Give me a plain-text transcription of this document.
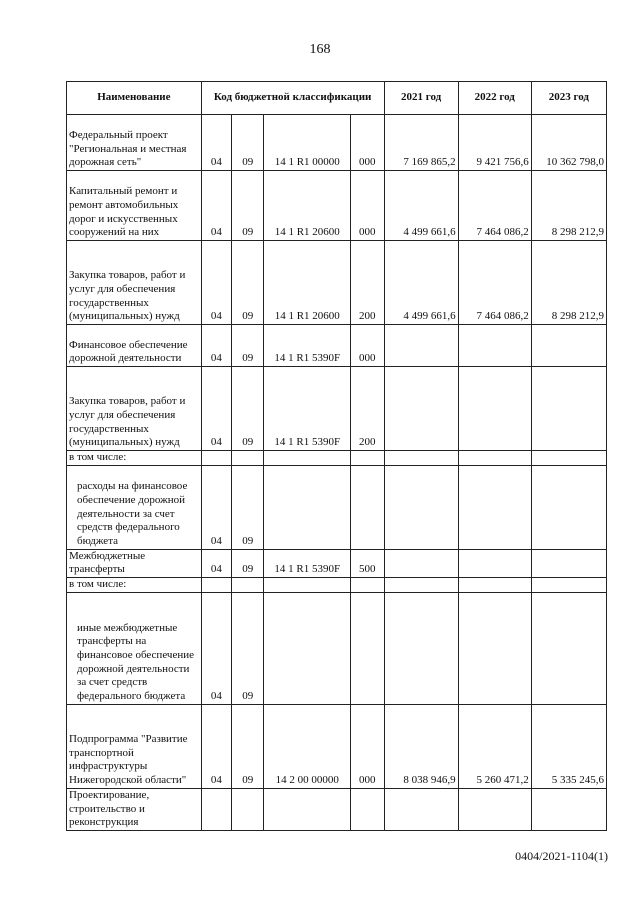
168
Наименование	Код бюджетной классификации				2021 год	2022 год	2023 год
Федеральный проект "Региональная и местная дорожная сеть"	04	09	14 1 R1 00000	000	7 169 865,2	9 421 756,6	10 362 798,0
Капитальный ремонт и ремонт автомобильных дорог и искусственных сооружений на них	04	09	14 1 R1 20600	000	4 499 661,6	7 464 086,2	8 298 212,9
Закупка товаров, работ и услуг для обеспечения государственных (муниципальных) нужд	04	09	14 1 R1 20600	200	4 499 661,6	7 464 086,2	8 298 212,9
Финансовое обеспечение дорожной деятельности	04	09	14 1 R1 5390F	000			
Закупка товаров, работ и услуг для обеспечения государственных (муниципальных) нужд	04	09	14 1 R1 5390F	200			
в том числе:							
расходы на финансовое обеспечение дорожной деятельности за счет средств федерального бюджета	04	09					
Межбюджетные трансферты	04	09	14 1 R1 5390F	500			
в том числе:							
иные межбюджетные трансферты на финансовое обеспечение дорожной деятельности за счет средств федерального бюджета	04	09					
Подпрограмма "Развитие транспортной инфраструктуры Нижегородской области"	04	09	14 2 00 00000	000	8 038 946,9	5 260 471,2	5 335 245,6
Проектирование, строительство и реконструкция							
0404/2021-1104(1)
